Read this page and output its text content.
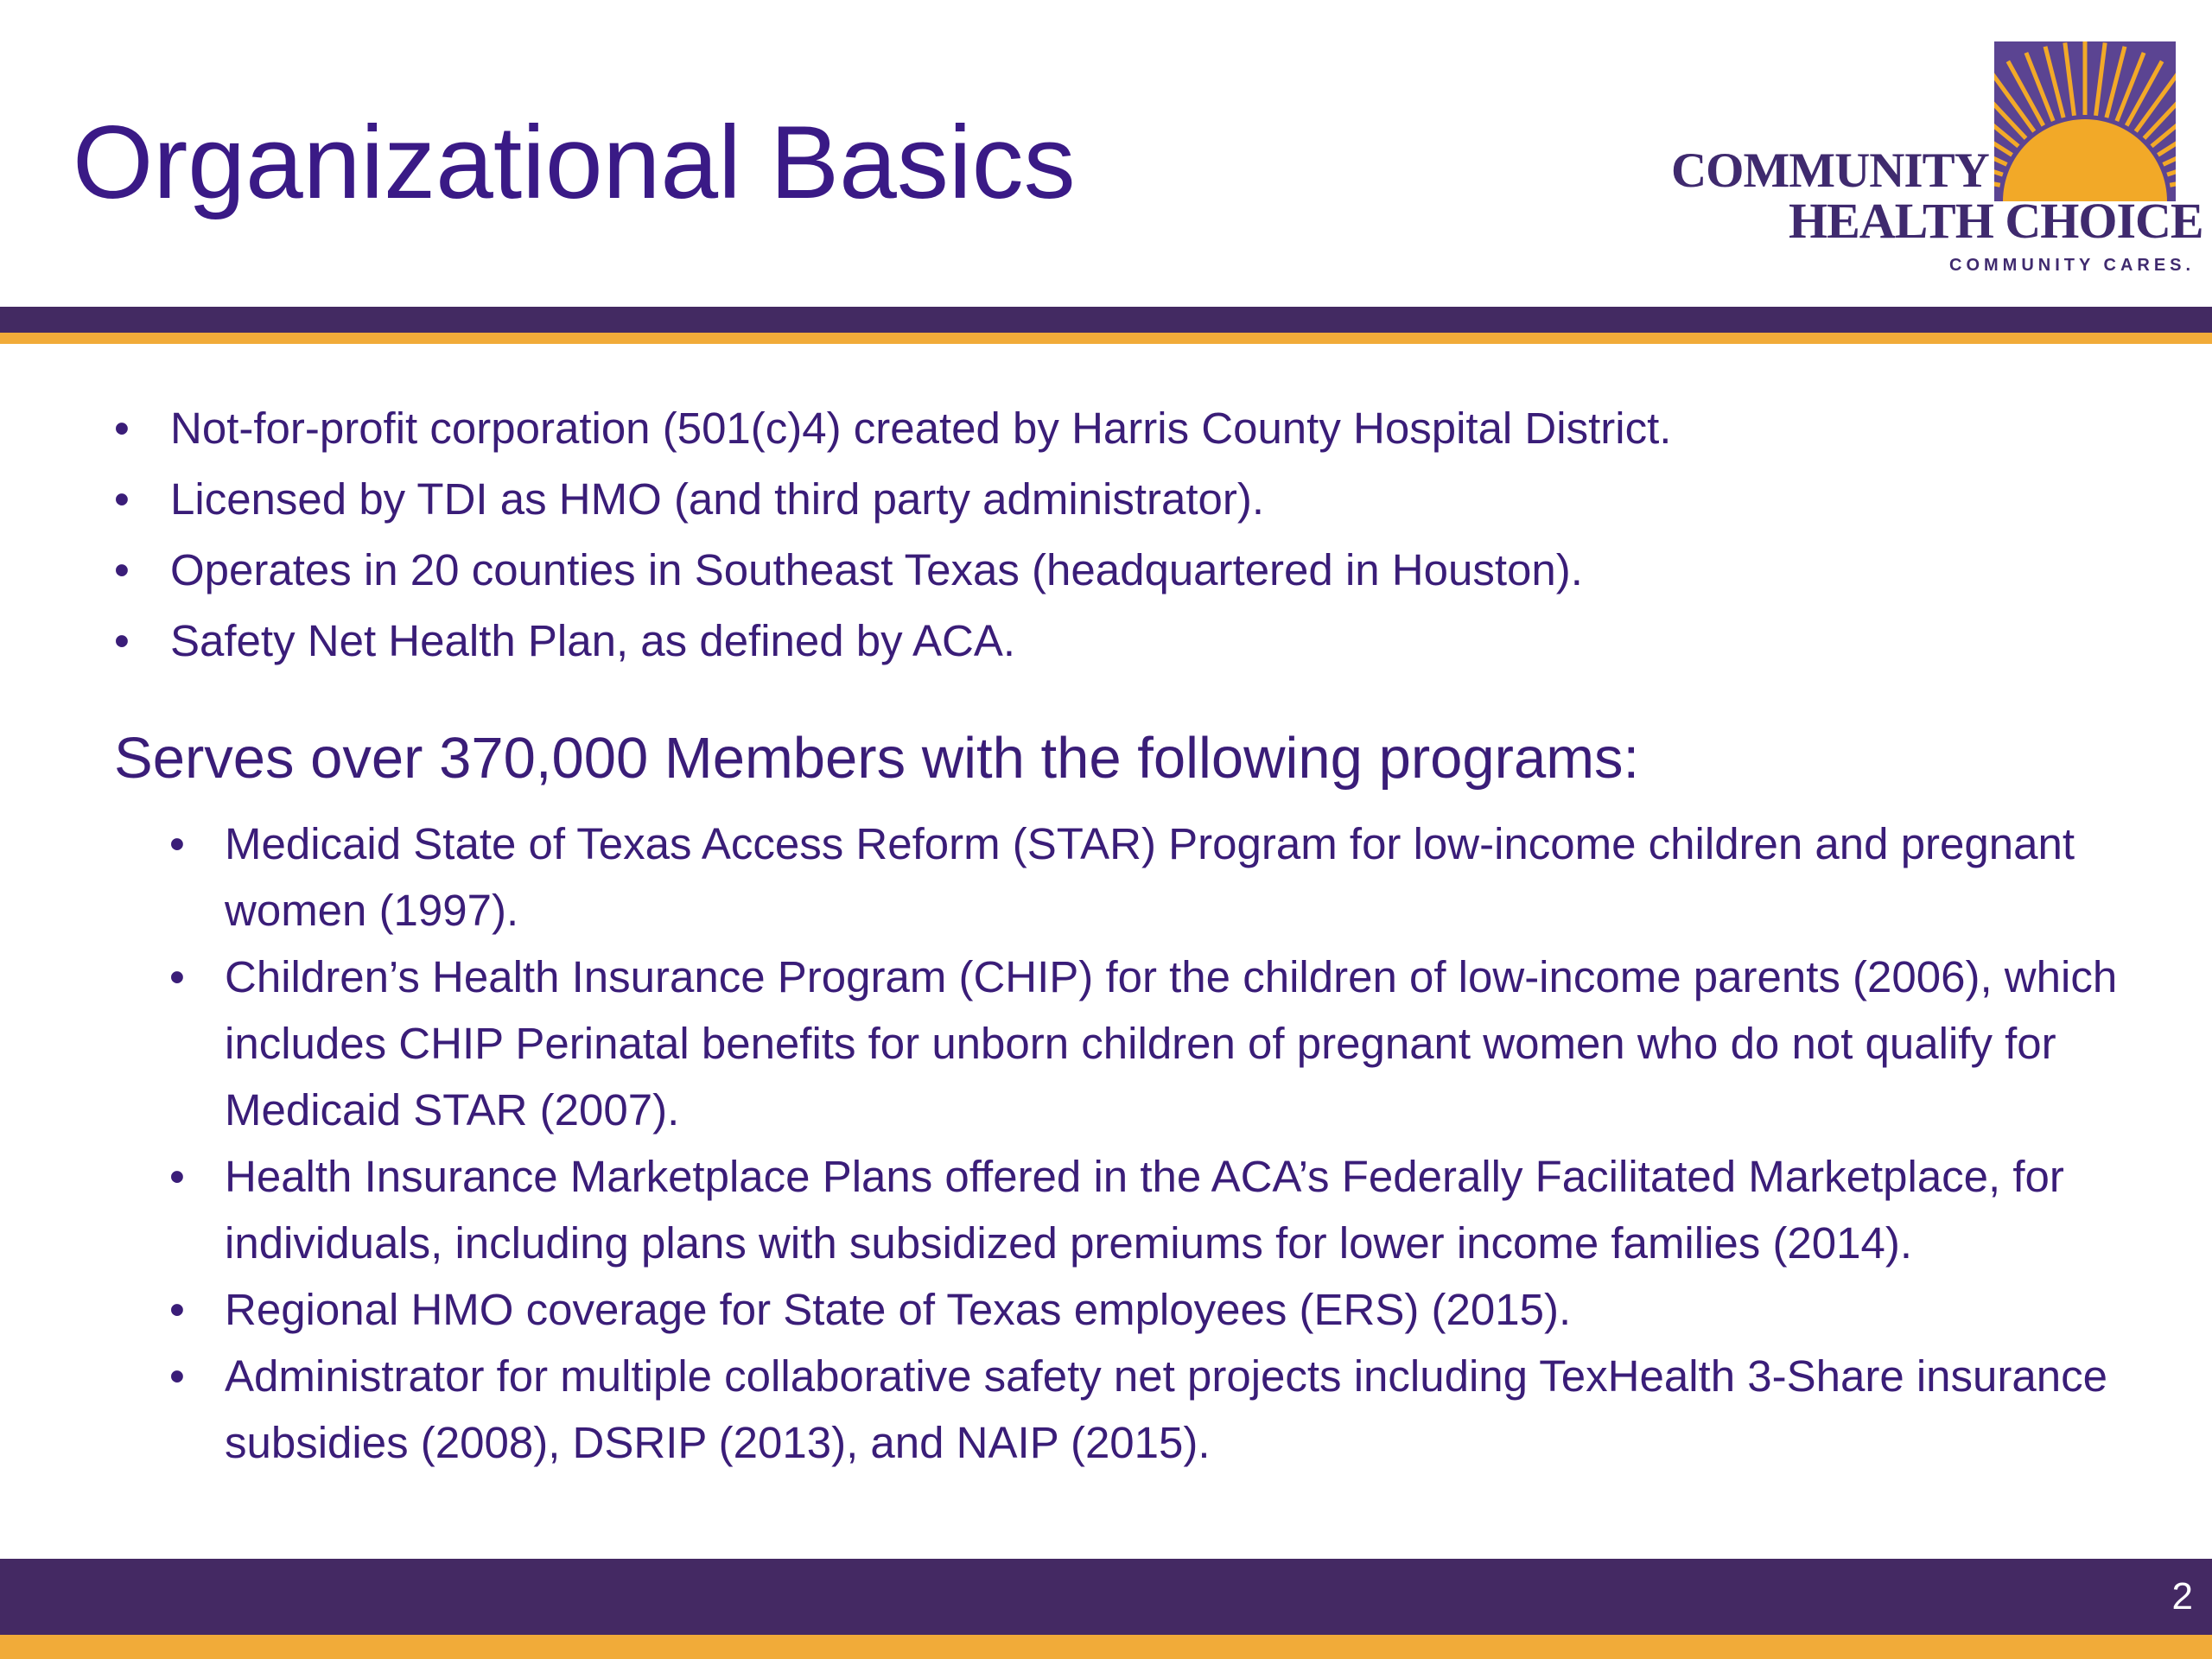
Organizational Basics	COMMUNITY
HEALTH CHOICE
COMMUNITY CARES.
• Not-for-profit corporation (501(c)4) created by Harris County Hospital District.
• Licensed by TDI as HMO (and third party administrator).
• Operates in 20 counties in Southeast Texas (headquartered in Houston).
• Safety Net Health Plan, as defined by ACA.
Serves over 370,000 Members with the following programs:
• Medicaid State of Texas Access Reform (STAR) Program for low-income children and pregnant women (1997).
• Children’s Health Insurance Program (CHIP) for the children of low-income parents (2006), which includes CHIP Perinatal benefits for unborn children of pregnant women who do not qualify for Medicaid STAR (2007).
• Health Insurance Marketplace Plans offered in the ACA’s Federally Facilitated Marketplace, for individuals, including plans with subsidized premiums for lower income families (2014).
• Regional HMO coverage for State of Texas employees (ERS) (2015).
• Administrator for multiple collaborative safety net projects including TexHealth 3-Share insurance subsidies (2008), DSRIP (2013), and NAIP (2015).
2
